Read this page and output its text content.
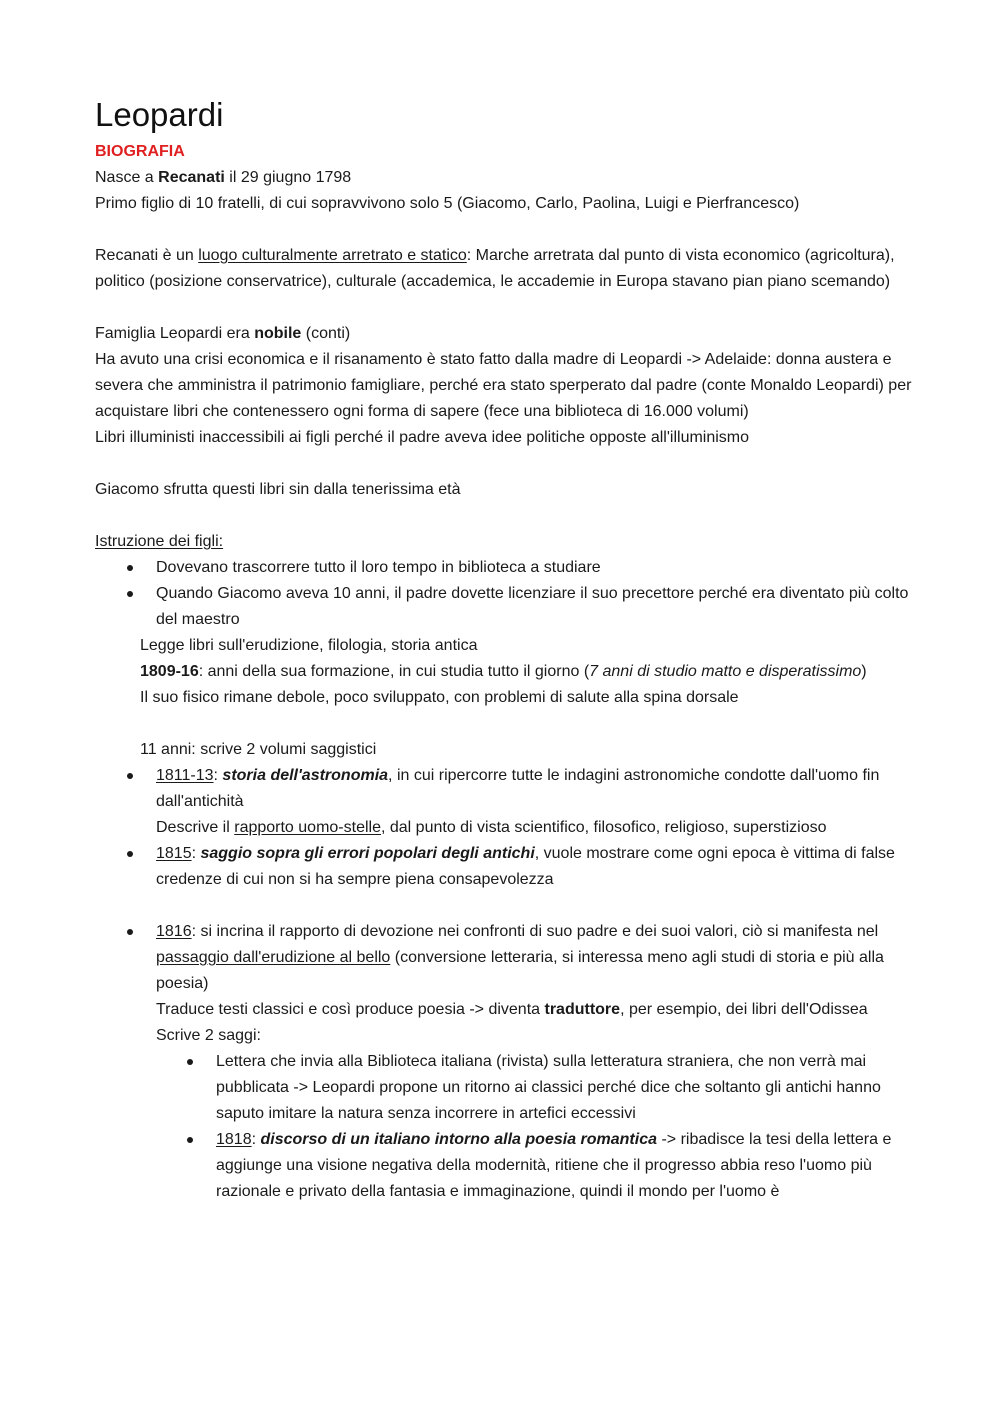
Leopardi

BIOGRAFIA

Nasce a Recanati il 29 giugno 1798

Primo figlio di 10 fratelli, di cui sopravvivono solo 5 (Giacomo, Carlo, Paolina, Luigi e Pierfrancesco)

Recanati è un luogo culturalmente arretrato e statico: Marche arretrata dal punto di vista economico (agricoltura), politico (posizione conservatrice), culturale (accademica, le accademie in Europa stavano pian piano scemando)

Famiglia Leopardi era nobile (conti)

Ha avuto una crisi economica e il risanamento è stato fatto dalla madre di Leopardi -> Adelaide: donna austera e severa che amministra il patrimonio famigliare, perché era stato sperperato dal padre (conte Monaldo Leopardi) per acquistare libri che contenessero ogni forma di sapere (fece una biblioteca di 16.000 volumi)

Libri illuministi inaccessibili ai figli perché il padre aveva idee politiche opposte all'illuminismo

Giacomo sfrutta questi libri sin dalla tenerissima età

Istruzione dei figli:

Dovevano trascorrere tutto il loro tempo in biblioteca a studiare

Quando Giacomo aveva 10 anni, il padre dovette licenziare il suo precettore perché era diventato più colto del maestro

Legge libri sull'erudizione, filologia, storia antica

1809-16: anni della sua formazione, in cui studia tutto il giorno (7 anni di studio matto e disperatissimo)

Il suo fisico rimane debole, poco sviluppato, con problemi di salute alla spina dorsale

11 anni: scrive 2 volumi saggistici

1811-13: storia dell'astronomia, in cui ripercorre tutte le indagini astronomiche condotte dall'uomo fin dall'antichità

Descrive il rapporto uomo-stelle, dal punto di vista scientifico, filosofico, religioso, superstizioso

1815: saggio sopra gli errori popolari degli antichi, vuole mostrare come ogni epoca è vittima di false credenze di cui non si ha sempre piena consapevolezza

1816: si incrina il rapporto di devozione nei confronti di suo padre e dei suoi valori, ciò si manifesta nel passaggio dall'erudizione al bello (conversione letteraria, si interessa meno agli studi di storia e più alla poesia)

Traduce testi classici e così produce poesia -> diventa traduttore, per esempio, dei libri dell'Odissea

Scrive 2 saggi:

Lettera che invia alla Biblioteca italiana (rivista) sulla letteratura straniera, che non verrà mai pubblicata -> Leopardi propone un ritorno ai classici perché dice che soltanto gli antichi hanno saputo imitare la natura senza incorrere in artefici eccessivi

1818: discorso di un italiano intorno alla poesia romantica -> ribadisce la tesi della lettera e aggiunge una visione negativa della modernità, ritiene che il progresso abbia reso l'uomo più razionale e privato della fantasia e immaginazione, quindi il mondo per l'uomo è
